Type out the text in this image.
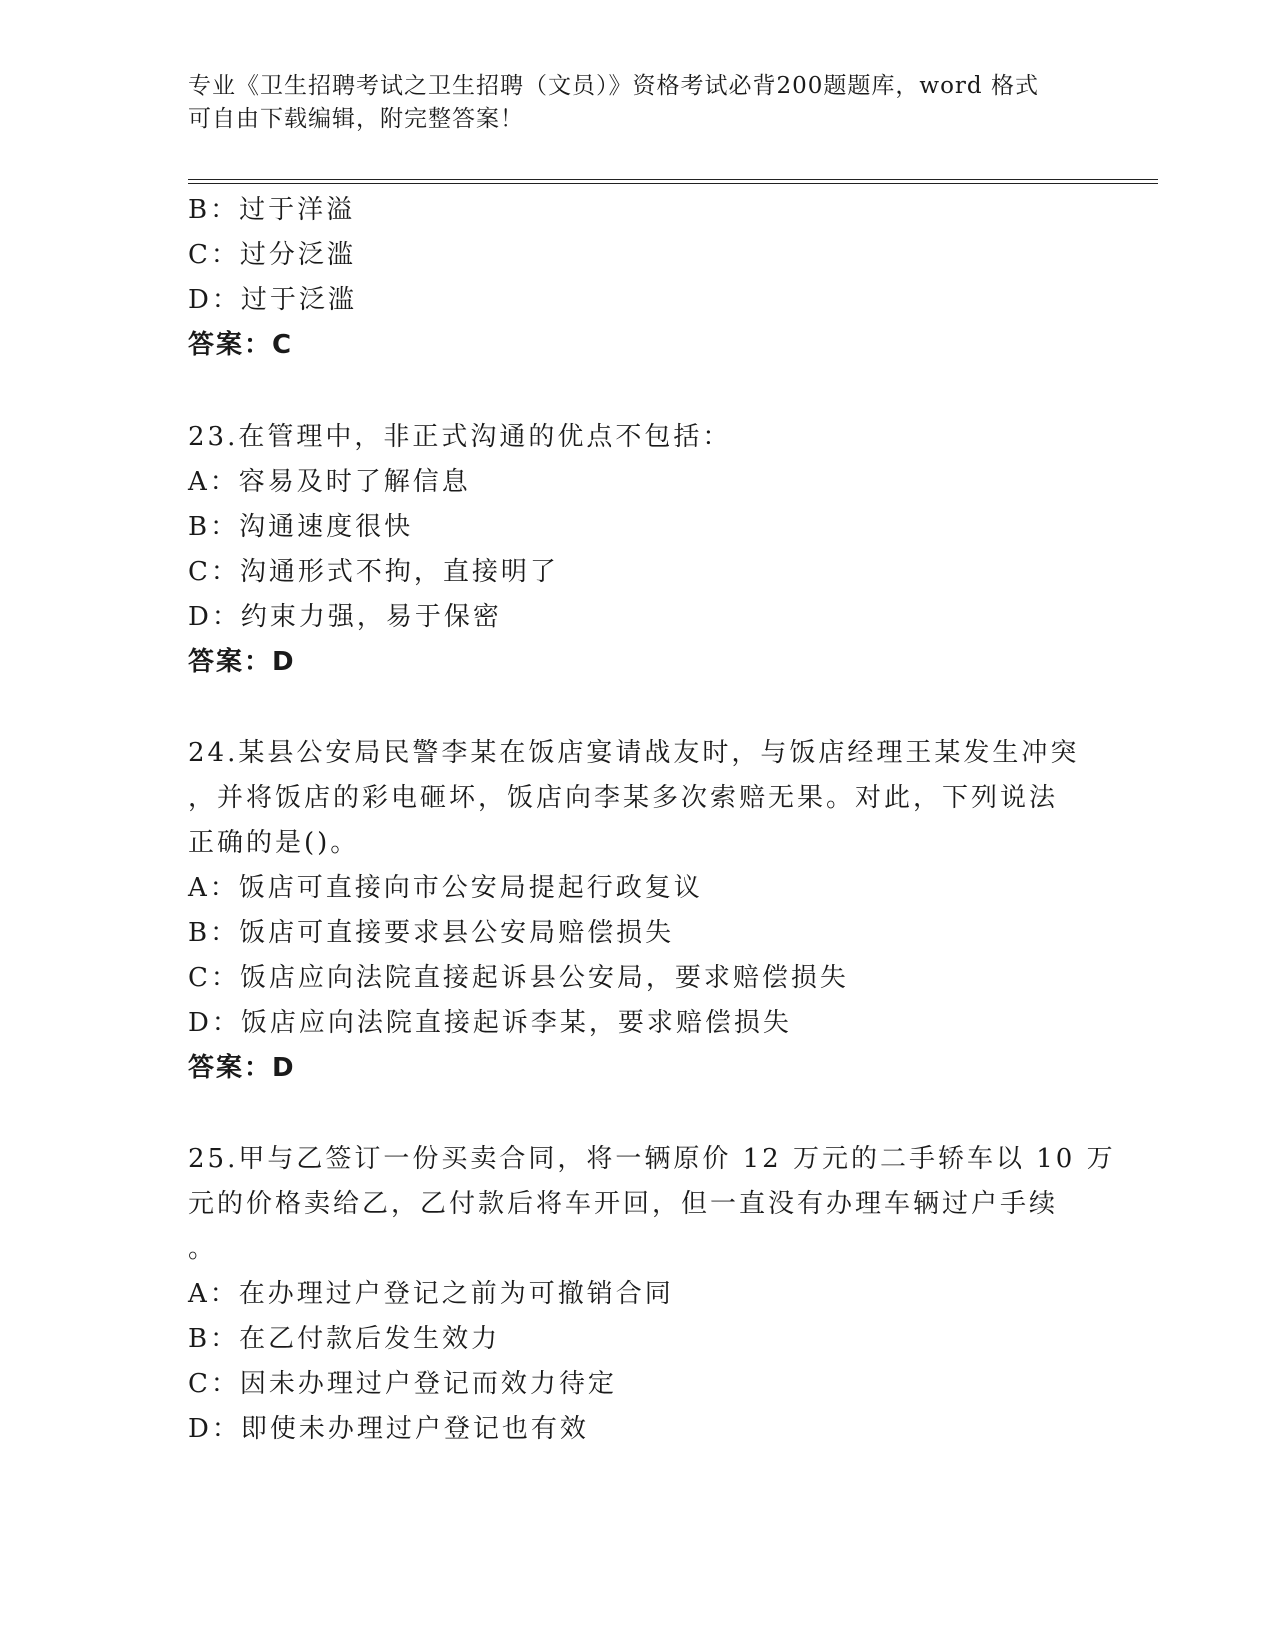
专业《卫生招聘考试之卫生招聘（文员）》资格考试必背200题题库，word 格式
可自由下载编辑，附完整答案！
B：过于洋溢
C：过分泛滥
D：过于泛滥
答案：C
23.在管理中，非正式沟通的优点不包括：
A：容易及时了解信息
B：沟通速度很快
C：沟通形式不拘，直接明了
D：约束力强，易于保密
答案：D
24.某县公安局民警李某在饭店宴请战友时，与饭店经理王某发生冲突
，并将饭店的彩电砸坏，饭店向李某多次索赔无果。对此，下列说法
正确的是()。
A：饭店可直接向市公安局提起行政复议
B：饭店可直接要求县公安局赔偿损失
C：饭店应向法院直接起诉县公安局，要求赔偿损失
D：饭店应向法院直接起诉李某，要求赔偿损失
答案：D
25.甲与乙签订一份买卖合同，将一辆原价 12 万元的二手轿车以 10 万
元的价格卖给乙，乙付款后将车开回，但一直没有办理车辆过户手续
。
A：在办理过户登记之前为可撤销合同
B：在乙付款后发生效力
C：因未办理过户登记而效力待定
D：即使未办理过户登记也有效
